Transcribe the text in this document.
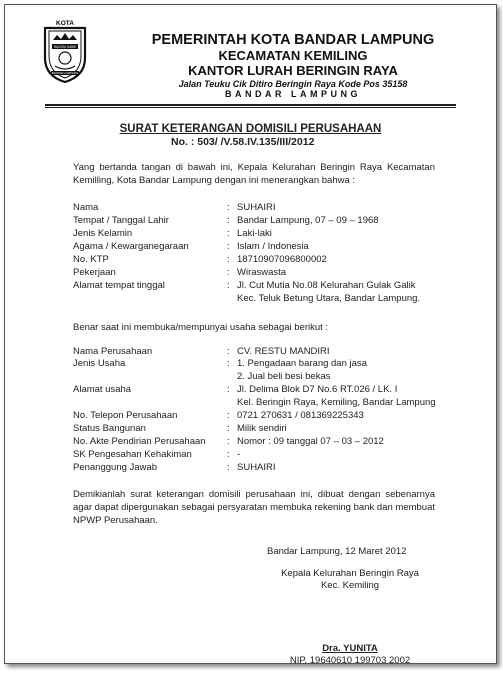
KOTA
RAGOM GAWE
BANDAR LAMPUNG
PEMERINTAH KOTA BANDAR LAMPUNG
KECAMATAN KEMILING
KANTOR LURAH BERINGIN RAYA
Jalan Teuku Cik Ditiro Beringin Raya Kode Pos 35158
BANDAR LAMPUNG
SURAT KETERANGAN DOMISILI PERUSAHAAN
No. : 503/ /V.58.IV.135/III/2012
Yang bertanda tangan di bawah ini, Kepala Kelurahan Beringin Raya Kecamatan Kemilling, Kota Bandar Lampung dengan ini menerangkan bahwa :
Nama	: SUHAIRI
Tempat / Tanggal Lahir	: Bandar Lampung, 07 – 09 – 1968
Jenis Kelamin	: Laki-laki
Agama / Kewarganegaraan	: Islam / Indonesia
No. KTP	: 18710907096800002
Pekerjaan	: Wiraswasta
Alamat tempat tinggal	: Jl. Cut Mutia No.08 Kelurahan Gulak Galik
Kec. Teluk Betung Utara, Bandar Lampung.
Benar saat ini membuka/mempunyai usaha sebagai berikut :
Nama Perusahaan	: CV. RESTU MANDIRI
Jenis Usaha	: 1. Pengadaan barang dan jasa
2. Jual beli besi bekas
Alamat usaha	: Jl. Delima Blok D7 No.6 RT.026 / LK. I
Kel. Beringin Raya, Kemiling, Bandar Lampung
No. Telepon Perusahaan	: 0721 270631 / 081369225343
Status Bangunan	: Milik sendiri
No. Akte Pendirian Perusahaan : Nomor : 09 tanggal 07 – 03 – 2012
SK Pengesahan Kehakiman	: -
Penanggung Jawab	: SUHAIRI
Demikianlah surat keterangan domisili perusahaan ini, dibuat dengan sebenarnya agar dapat dipergunakan sebagai persyaratan membuka rekening bank dan membuat NPWP Perusahaan.
Bandar Lampung, 12 Maret 2012
Kepala Kelurahan Beringin Raya
Kec. Kemiling
Dra. YUNITA
NIP. 19640610 199703 2002
